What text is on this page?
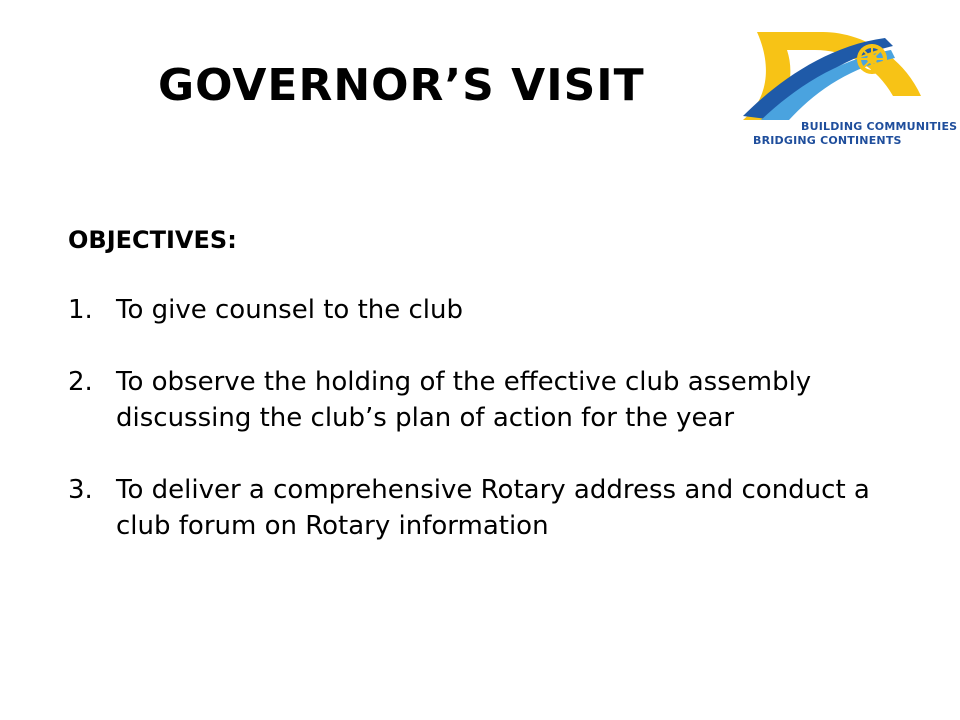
GOVERNOR’S VISIT
BUILDING COMMUNITIES
BRIDGING CONTINENTS

OBJECTIVES:

1. To give counsel to the club
2. To observe the holding of the effective club assembly discussing the club’s plan of action for the year
3. To deliver a comprehensive Rotary address and conduct a club forum on Rotary information
